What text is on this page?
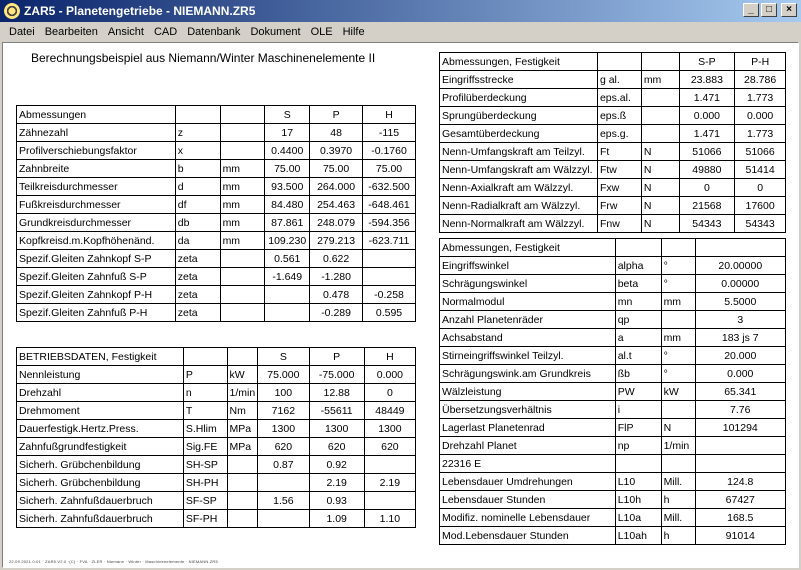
ZAR5 - Planetengetriebe - NIEMANN.ZR5	_	□	×
Datei Bearbeiten Ansicht CAD Datenbank Dokument OLE Hilfe
Berechnungsbeispiel aus Niemann/Winter Maschinenelemente II
Abmessungen			S	P	H
Zähnezahl	z		17	48	-115
Profilverschiebungsfaktor	x		0.4400	0.3970	-0.1760
Zahnbreite	b	mm	75.00	75.00	75.00
Teilkreisdurchmesser	d	mm	93.500	264.000	-632.500
Fußkreisdurchmesser	df	mm	84.480	254.463	-648.461
Grundkreisdurchmesser	db	mm	87.861	248.079	-594.356
Kopfkreisd.m.Kopfhöhenänd.	da	mm	109.230	279.213	-623.711
Spezif.Gleiten Zahnkopf S-P	zeta		0.561	0.622	
Spezif.Gleiten Zahnfuß S-P	zeta		-1.649	-1.280	
Spezif.Gleiten Zahnkopf P-H	zeta			0.478	-0.258
Spezif.Gleiten Zahnfuß P-H	zeta			-0.289	0.595
BETRIEBSDATEN, Festigkeit			S	P	H
Nennleistung	P	kW	75.000	-75.000	0.000
Drehzahl	n	1/min	100	12.88	0
Drehmoment	T	Nm	7162	-55611	48449
Dauerfestigk.Hertz.Press.	S.Hlim	MPa	1300	1300	1300
Zahnfußgrundfestigkeit	Sig.FE	MPa	620	620	620
Sicherh. Grübchenbildung	SH-SP		0.87	0.92	
Sicherh. Grübchenbildung	SH-PH			2.19	2.19
Sicherh. Zahnfußdauerbruch	SF-SP		1.56	0.93	
Sicherh. Zahnfußdauerbruch	SF-PH			1.09	1.10
Abmessungen, Festigkeit			S-P	P-H
Eingriffsstrecke	g al.	mm	23.883	28.786
Profilüberdeckung	eps.al.		1.471	1.773
Sprungüberdeckung	eps.ß		0.000	0.000
Gesamtüberdeckung	eps.g.		1.471	1.773
Nenn-Umfangskraft am Teilzyl.	Ft	N	51066	51066
Nenn-Umfangskraft am Wälzzyl.	Ftw	N	49880	51414
Nenn-Axialkraft am Wälzzyl.	Fxw	N	0	0
Nenn-Radialkraft am Wälzzyl.	Frw	N	21568	17600
Nenn-Normalkraft am Wälzzyl.	Fnw	N	54343	54343
Abmessungen, Festigkeit			
Eingriffswinkel	alpha	°	20.00000
Schrägungswinkel	beta	°	0.00000
Normalmodul	mn	mm	5.5000
Anzahl Planetenräder	qp		3
Achsabstand	a	mm	183 js 7
Stirneingriffswinkel Teilzyl.	al.t	°	20.000
Schrägungswink.am Grundkreis	ßb	°	0.000
Wälzleistung	PW	kW	65.341
Übersetzungsverhältnis	i		7.76
Lagerlast Planetenrad	FlP	N	101294
Drehzahl Planet	np	1/min	
22316 E			
Lebensdauer Umdrehungen	L10	Mill.	124.8
Lebensdauer Stunden	L10h	h	67427
Modifiz. nominelle Lebensdauer	L10a	Mill.	168.5
Mod.Lebensdauer Stunden	L10ah	h	91014
22.09.2021 0:01 · ZAR5 V2.0 ·(C) · FVA · ZLER · Niemann · Winter · Maschinenelemente · NIEMANN.ZR5
